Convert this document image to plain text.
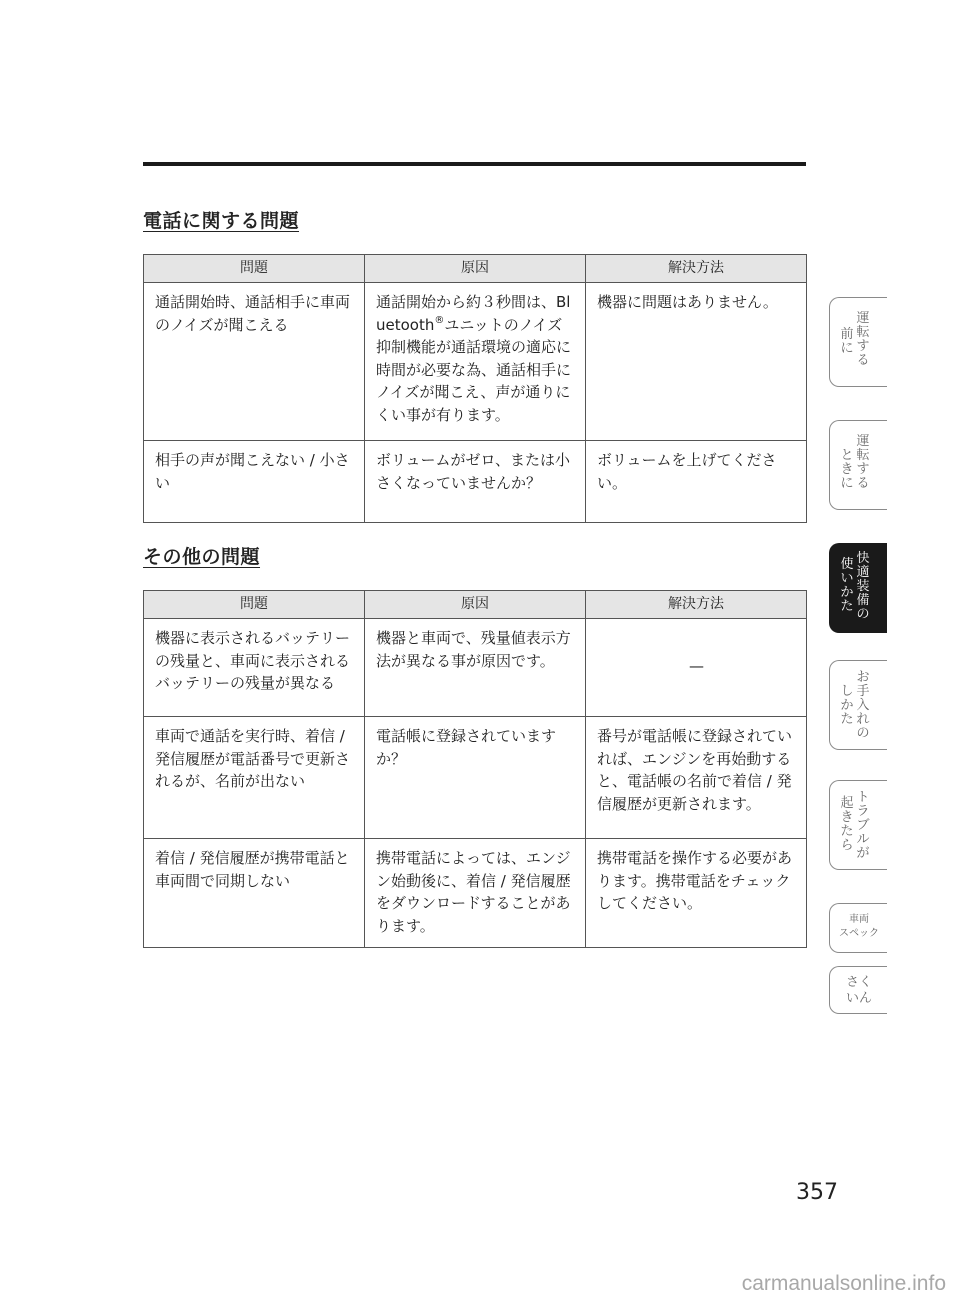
電話に関する問題
問題	原因	解決方法
通話開始時、通話相手に車両のノイズが聞こえる	通話開始から約３秒間は、Bluetooth®ユニットのノイズ抑制機能が通話環境の適応に時間が必要な為、通話相手にノイズが聞こえ、声が通りにくい事が有ります。	機器に問題はありません。
相手の声が聞こえない / 小さい	ボリュームがゼロ、または小さくなっていませんか？	ボリュームを上げてください。
その他の問題
問題	原因	解決方法
機器に表示されるバッテリーの残量と、車両に表示されるバッテリーの残量が異なる	機器と車両で、残量値表示方法が異なる事が原因です。	—
車両で通話を実行時、着信 / 発信履歴が電話番号で更新されるが、名前が出ない	電話帳に登録されていますか？	番号が電話帳に登録されていれば、エンジンを再始動すると、電話帳の名前で着信 / 発信履歴が更新されます。
着信 / 発信履歴が携帯電話と車両間で同期しない	携帯電話によっては、エンジン始動後に、着信 / 発信履歴をダウンロードすることがあります。	携帯電話を操作する必要があります。携帯電話をチェックしてください。
運転する
前に
運転する
ときに
快適装備の
使いかた
お手入れの
しかた
トラブルが
起きたら
車両
スペック
さく
いん
357
carmanualsonline.info
